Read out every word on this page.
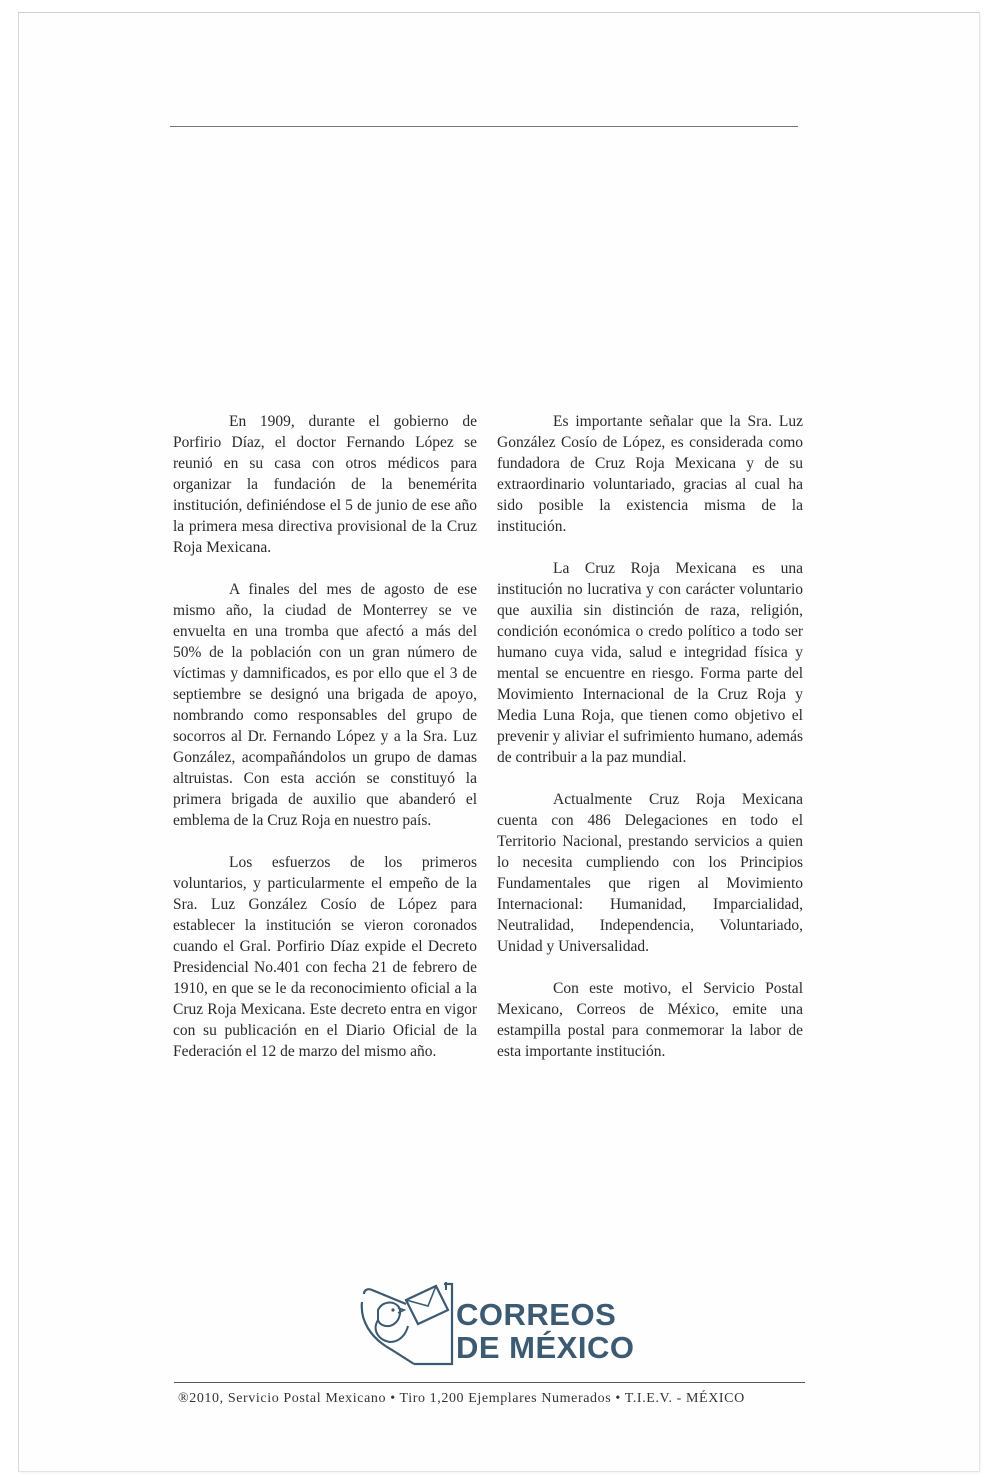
En 1909, durante el gobierno de Porfirio Díaz, el doctor Fernando López se reunió en su casa con otros médicos para organizar la fundación de la benemérita institución, definiéndose el 5 de junio de ese año la primera mesa directiva provisional de la Cruz Roja Mexicana.

A finales del mes de agosto de ese mismo año, la ciudad de Monterrey se ve envuelta en una tromba que afectó a más del 50% de la población con un gran número de víctimas y damnificados, es por ello que el 3 de septiembre se designó una brigada de apoyo, nombrando como responsables del grupo de socorros al Dr. Fernando López y a la Sra. Luz González, acompañándolos un grupo de damas altruistas. Con esta acción se constituyó la primera brigada de auxilio que abanderó el emblema de la Cruz Roja en nuestro país.

Los esfuerzos de los primeros voluntarios, y particularmente el empeño de la Sra. Luz González Cosío de López para establecer la institución se vieron coronados cuando el Gral. Porfirio Díaz expide el Decreto Presidencial No.401 con fecha 21 de febrero de 1910, en que se le da reconocimiento oficial a la Cruz Roja Mexicana. Este decreto entra en vigor con su publicación en el Diario Oficial de la Federación el 12 de marzo del mismo año.

Es importante señalar que la Sra. Luz González Cosío de López, es considerada como fundadora de Cruz Roja Mexicana y de su extraordinario voluntariado, gracias al cual ha sido posible la existencia misma de la institución.

La Cruz Roja Mexicana es una institución no lucrativa y con carácter voluntario que auxilia sin distinción de raza, religión, condición económica o credo político a todo ser humano cuya vida, salud e integridad física y mental se encuentre en riesgo. Forma parte del Movimiento Internacional de la Cruz Roja y Media Luna Roja, que tienen como objetivo el prevenir y aliviar el sufrimiento humano, además de contribuir a la paz mundial.

Actualmente Cruz Roja Mexicana cuenta con 486 Delegaciones en todo el Territorio Nacional, prestando servicios a quien lo necesita cumpliendo con los Principios Fundamentales que rigen al Movimiento Internacional: Humanidad, Imparcialidad, Neutralidad, Independencia, Voluntariado, Unidad y Universalidad.

Con este motivo, el Servicio Postal Mexicano, Correos de México, emite una estampilla postal para conmemorar la labor de esta importante institución.

CORREOS
DE MÉXICO
®2010, Servicio Postal Mexicano • Tiro 1,200 Ejemplares Numerados • T.I.E.V. - MÉXICO
